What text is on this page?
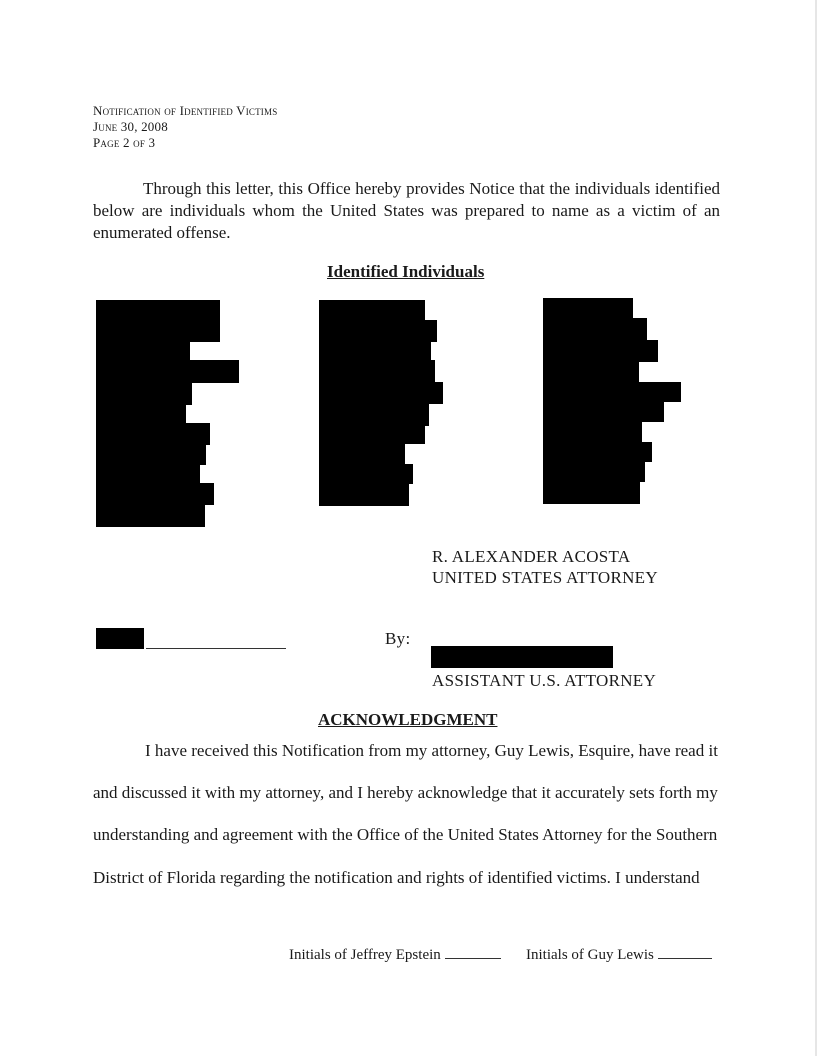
Notification of Identified Victims
June 30, 2008
Page 2 of 3
Through this letter, this Office hereby provides Notice that the individuals identified below are individuals whom the United States was prepared to name as a victim of an enumerated offense.
Identified Individuals
R. ALEXANDER ACOSTA
UNITED STATES ATTORNEY
By:
ASSISTANT U.S. ATTORNEY
ACKNOWLEDGMENT
I have received this Notification from my attorney, Guy Lewis, Esquire, have read it
and discussed it with my attorney, and I hereby acknowledge that it accurately sets forth my
understanding and agreement with the Office of the United States Attorney for the Southern
District of Florida regarding the notification and rights of identified victims. I understand
Initials of Jeffrey Epstein	Initials of Guy Lewis
